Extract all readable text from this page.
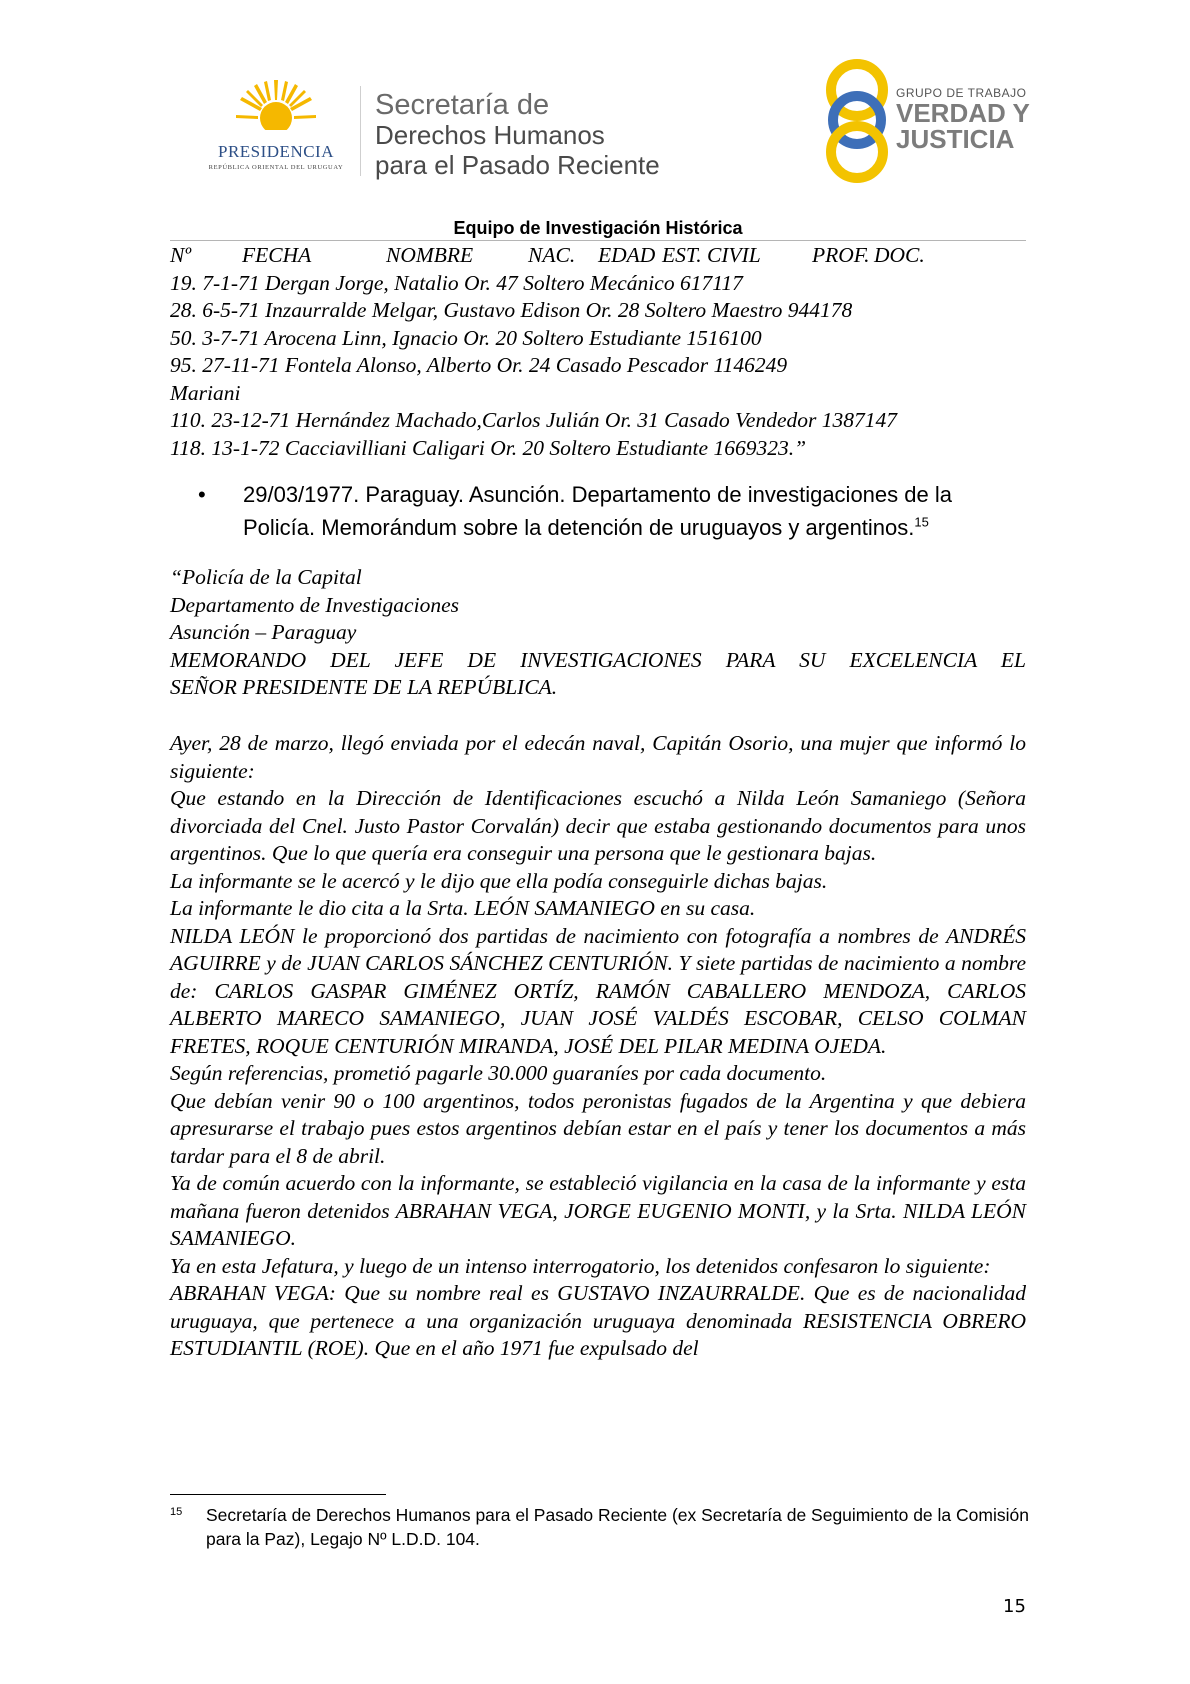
PRESIDENCIA
REPÚBLICA ORIENTAL DEL URUGUAY
Secretaría de
Derechos Humanos
para el Pasado Reciente
GRUPO DE TRABAJO
VERDAD Y
JUSTICIA
Equipo de Investigación Histórica
Nº FECHA	NOMBRE	NAC. EDAD EST. CIVIL PROF. DOC.
19. 7-1-71 Dergan Jorge, Natalio Or. 47 Soltero Mecánico 617117
28. 6-5-71 Inzaurralde Melgar, Gustavo Edison Or. 28 Soltero Maestro 944178
50. 3-7-71 Arocena Linn, Ignacio Or. 20 Soltero Estudiante 1516100
95. 27-11-71 Fontela Alonso, Alberto Or. 24 Casado Pescador 1146249
Mariani
110. 23-12-71 Hernández Machado,Carlos Julián Or. 31 Casado Vendedor 1387147
118. 13-1-72 Cacciavilliani Caligari Or. 20 Soltero Estudiante 1669323.”
• 29/03/1977. Paraguay. Asunción. Departamento de investigaciones de la
Policía. Memorándum sobre la detención de uruguayos y argentinos.$^{15}$
“Policía de la Capital
Departamento de Investigaciones
Asunción – Paraguay
MEMORANDO DEL JEFE DE INVESTIGACIONES PARA SU EXCELENCIA EL
SEÑOR PRESIDENTE DE LA REPÚBLICA.
Ayer, 28 de marzo, llegó enviada por el edecán naval, Capitán Osorio, una mujer que informó lo siguiente:
Que estando en la Dirección de Identificaciones escuchó a Nilda León Samaniego (Señora divorciada del Cnel. Justo Pastor Corvalán) decir que estaba gestionando documentos para unos argentinos. Que lo que quería era conseguir una persona que le gestionara bajas.
La informante se le acercó y le dijo que ella podía conseguirle dichas bajas.
La informante le dio cita a la Srta. LEÓN SAMANIEGO en su casa.
NILDA LEÓN le proporcionó dos partidas de nacimiento con fotografía a nombres de ANDRÉS AGUIRRE y de JUAN CARLOS SÁNCHEZ CENTURIÓN. Y siete partidas de nacimiento a nombre de: CARLOS GASPAR GIMÉNEZ ORTÍZ, RAMÓN CABALLERO MENDOZA, CARLOS ALBERTO MARECO SAMANIEGO, JUAN JOSÉ VALDÉS ESCOBAR, CELSO COLMAN FRETES, ROQUE CENTURIÓN MIRANDA, JOSÉ DEL PILAR MEDINA OJEDA.
Según referencias, prometió pagarle 30.000 guaraníes por cada documento.
Que debían venir 90 o 100 argentinos, todos peronistas fugados de la Argentina y que debiera apresurarse el trabajo pues estos argentinos debían estar en el país y tener los documentos a más tardar para el 8 de abril.
Ya de común acuerdo con la informante, se estableció vigilancia en la casa de la informante y esta mañana fueron detenidos ABRAHAN VEGA, JORGE EUGENIO MONTI, y la Srta. NILDA LEÓN SAMANIEGO.
Ya en esta Jefatura, y luego de un intenso interrogatorio, los detenidos confesaron lo siguiente:
ABRAHAN VEGA: Que su nombre real es GUSTAVO INZAURRALDE. Que es de nacionalidad uruguaya, que pertenece a una organización uruguaya denominada RESISTENCIA OBRERO ESTUDIANTIL (ROE). Que en el año 1971 fue expulsado del
15 Secretaría de Derechos Humanos para el Pasado Reciente (ex Secretaría de Seguimiento de la Comisión para la Paz), Legajo Nº L.D.D. 104.
15
